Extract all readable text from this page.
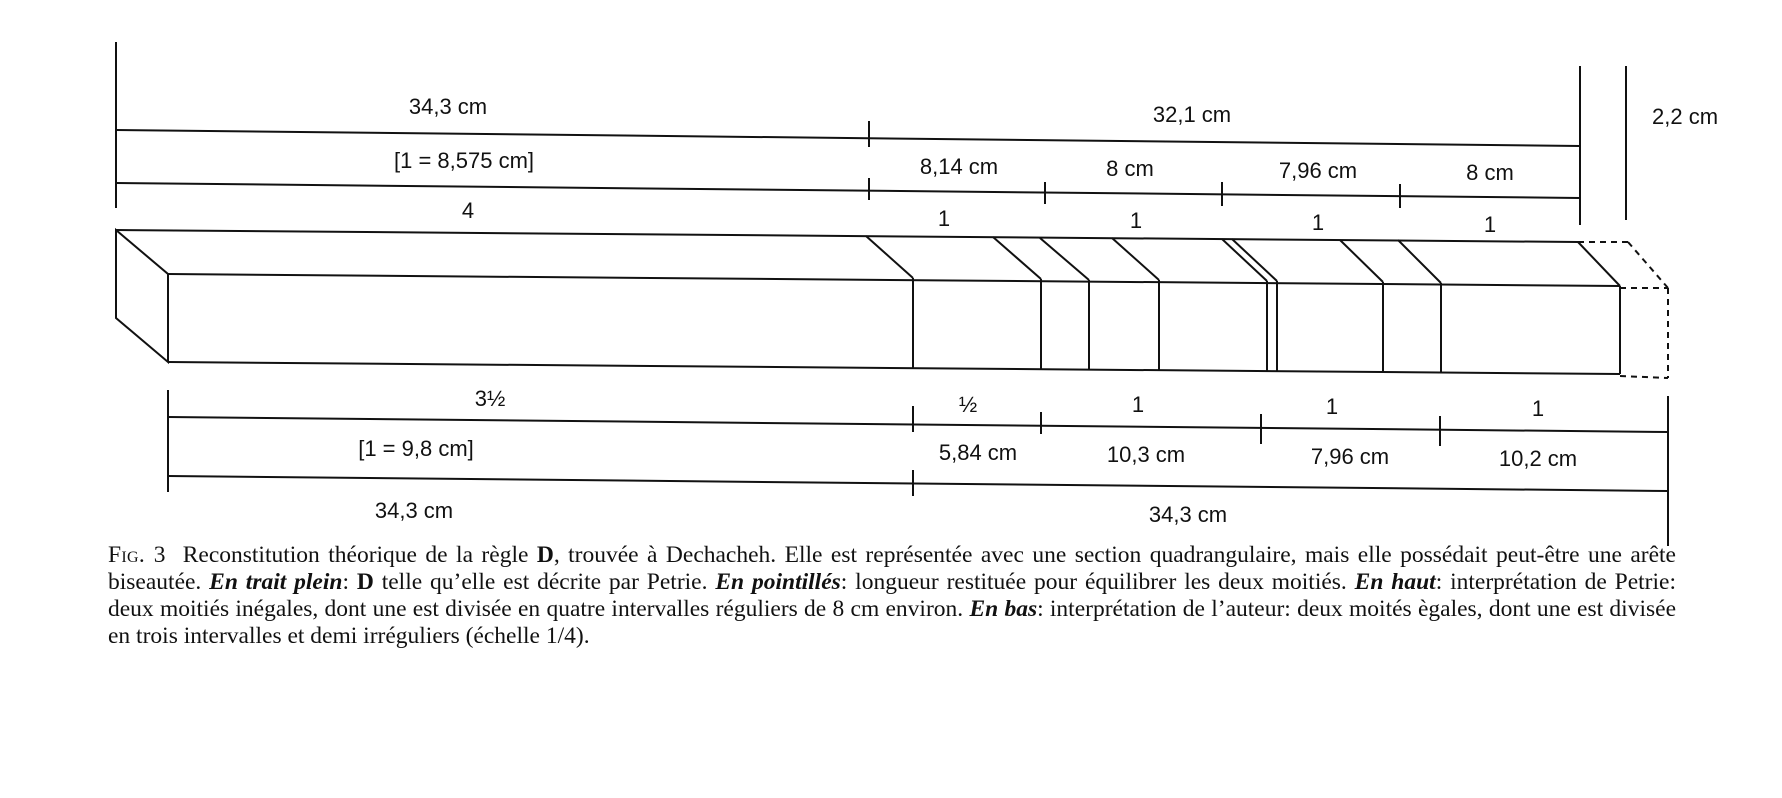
34,3 cm	32,1 cm	2,2 cm
[1 = 8,575 cm]	8,14 cm	8 cm	7,96 cm	8 cm
4	1	1	1	1
3½	½	1	1	1
[1 = 9,8 cm]	5,84 cm	10,3 cm	7,96 cm	10,2 cm
34,3 cm	34,3 cm
Fig. 3 Reconstitution théorique de la règle D, trouvée à Dechacheh. Elle est représentée avec une section quadrangulaire, mais elle possédait peut-être une arête biseautée. En trait plein: D telle qu’elle est décrite par Petrie. En pointillés: longueur restituée pour équilibrer les deux moitiés. En haut: interprétation de Petrie: deux moitiés inégales, dont une est divisée en quatre intervalles réguliers de 8 cm environ. En bas: interprétation de l’auteur: deux moités ègales, dont une est divisée en trois intervalles et demi irréguliers (échelle 1/4).
